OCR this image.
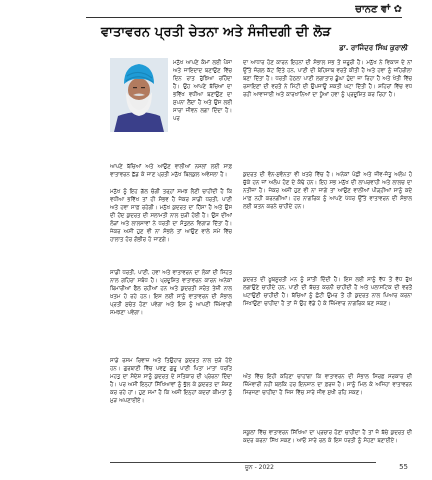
ਚਾਨਣ ਵਾਂ ✿
ਵਾਤਾਵਰਨ ਪ੍ਰਤੀ ਚੇਤਨਾ ਅਤੇ ਸੰਜੀਦਗੀ ਦੀ ਲੋੜ
ਡਾ. ਰਾਜਿੰਦਰ ਸਿੰਘ ਕੁਰਾਲੀ
ਮਨੁੱਖ ਆਪਣੇ ਕੰਮਾਂ ਲਈ ਪੈਸਾ ਅਤੇ ਜਾਇਦਾਦ ਬਣਾਉਣ ਵਿੱਚ ਦਿਨ ਰਾਤ ਰੁੱਝਿਆ ਰਹਿੰਦਾ ਹੈ। ਉਹ ਆਪਣੇ ਬੱਚਿਆਂ ਦਾ ਭਵਿੱਖ ਵਧੀਆ ਬਣਾਉਣ ਦਾ ਸੁਪਨਾ ਲੈਂਦਾ ਹੈ ਅਤੇ ਉਸ ਲਈ ਸਾਰਾ ਜੀਵਨ ਲਗਾ ਦਿੰਦਾ ਹੈ। ਪਰ
ਆਪਣੇ ਬੱਚਿਆਂ ਅਤੇ ਆਉਣ ਵਾਲੀਆਂ ਨਸਲਾਂ ਲਈ ਸਾਫ਼ ਵਾਤਾਵਰਨ ਛੱਡ ਕੇ ਜਾਣ ਪ੍ਰਤੀ ਮਨੁੱਖ ਬਿਲਕੁਲ ਅਵੇਸਲਾ ਹੈ।
ਮਨੁੱਖ ਨੂੰ ਇਹ ਗੱਲ ਚੰਗੀ ਤਰ੍ਹਾਂ ਸਮਝ ਲੈਣੀ ਚਾਹੀਦੀ ਹੈ ਕਿ ਵਧੀਆ ਭਵਿੱਖ ਤਾਂ ਹੀ ਸੰਭਵ ਹੈ ਜੇਕਰ ਸਾਡੀ ਧਰਤੀ, ਪਾਣੀ ਅਤੇ ਹਵਾ ਸਾਫ਼ ਰਹੇਗੀ। ਮਨੁੱਖ ਕੁਦਰਤ ਦਾ ਹਿੱਸਾ ਹੈ ਅਤੇ ਉਸ ਦੀ ਹੋਂਦ ਕੁਦਰਤ ਦੀ ਸਲਾਮਤੀ ਨਾਲ ਜੁੜੀ ਹੋਈ ਹੈ। ਉਸ ਦੀਆਂ ਲੋੜਾਂ ਅਤੇ ਲਾਲਸਾਵਾਂ ਨੇ ਧਰਤੀ ਦਾ ਸੰਤੁਲਨ ਵਿਗਾੜ ਦਿੱਤਾ ਹੈ। ਜੇਕਰ ਅਸੀਂ ਹੁਣ ਵੀ ਨਾ ਸੰਭਲੇ ਤਾਂ ਆਉਣ ਵਾਲੇ ਸਮੇਂ ਵਿੱਚ ਹਾਲਾਤ ਹੋਰ ਗੰਭੀਰ ਹੋ ਜਾਣਗੇ।
ਸਾਡੀ ਧਰਤੀ, ਪਾਣੀ, ਹਵਾ ਅਤੇ ਵਾਤਾਵਰਨ ਦਾ ਲੋਕਾਂ ਦੀ ਸਿਹਤ ਨਾਲ ਗਹਿਰਾ ਸਬੰਧ ਹੈ। ਪ੍ਰਦੂਸ਼ਿਤ ਵਾਤਾਵਰਨ ਕਾਰਨ ਅਨੇਕਾਂ ਬਿਮਾਰੀਆਂ ਫੈਲ ਰਹੀਆਂ ਹਨ ਅਤੇ ਕੁਦਰਤੀ ਸਰੋਤ ਤੇਜ਼ੀ ਨਾਲ ਖ਼ਤਮ ਹੋ ਰਹੇ ਹਨ। ਇਸ ਲਈ ਸਾਨੂੰ ਵਾਤਾਵਰਨ ਦੀ ਸੰਭਾਲ ਪ੍ਰਤੀ ਸੁਚੇਤ ਹੋਣਾ ਪਵੇਗਾ ਅਤੇ ਇਸ ਨੂੰ ਆਪਣੀ ਜ਼ਿੰਮੇਵਾਰੀ ਸਮਝਣਾ ਪਵੇਗਾ।
ਸਾਡੇ ਰਸਮ ਰਿਵਾਜ਼ ਅਤੇ ਤਿਉਹਾਰ ਕੁਦਰਤ ਨਾਲ ਜੁੜੇ ਹੋਏ ਹਨ। ਗੁਰਬਾਣੀ ਵਿੱਚ ਪਵਣੁ ਗੁਰੂ ਪਾਣੀ ਪਿਤਾ ਮਾਤਾ ਧਰਤਿ ਮਹਤੁ ਦਾ ਸੰਦੇਸ਼ ਸਾਨੂੰ ਕੁਦਰਤ ਦੇ ਸਤਿਕਾਰ ਦੀ ਪ੍ਰੇਰਨਾ ਦਿੰਦਾ ਹੈ। ਪਰ ਅਸੀਂ ਇਨ੍ਹਾਂ ਸਿੱਖਿਆਵਾਂ ਨੂੰ ਭੁੱਲ ਕੇ ਕੁਦਰਤ ਦਾ ਸ਼ੋਸ਼ਣ ਕਰ ਰਹੇ ਹਾਂ। ਹੁਣ ਸਮਾਂ ਹੈ ਕਿ ਅਸੀਂ ਇਨ੍ਹਾਂ ਕਦਰਾਂ ਕੀਮਤਾਂ ਨੂੰ ਮੁੜ ਅਪਣਾਈਏ।
ਦਾ ਆਧਾਰ ਹੋਣ ਕਾਰਨ ਇਹਨਾਂ ਦੀ ਸੰਭਾਲ ਸਭ ਤੋਂ ਜ਼ਰੂਰੀ ਹੈ। ਮਨੁੱਖ ਨੇ ਵਿਕਾਸ ਦੇ ਨਾਂ ਉੱਤੇ ਜੰਗਲ ਕੱਟ ਦਿੱਤੇ ਹਨ, ਪਾਣੀ ਦੀ ਬੇਹਿਸਾਬ ਵਰਤੋਂ ਕੀਤੀ ਹੈ ਅਤੇ ਹਵਾ ਨੂੰ ਜ਼ਹਿਰੀਲਾ ਬਣਾ ਦਿੱਤਾ ਹੈ। ਧਰਤੀ ਹੇਠਲਾ ਪਾਣੀ ਲਗਾਤਾਰ ਡੂੰਘਾ ਹੁੰਦਾ ਜਾ ਰਿਹਾ ਹੈ ਅਤੇ ਖੇਤੀ ਵਿੱਚ ਰਸਾਇਣਾਂ ਦੀ ਵਰਤੋਂ ਨੇ ਮਿੱਟੀ ਦੀ ਉਪਜਾਊ ਸ਼ਕਤੀ ਘਟਾ ਦਿੱਤੀ ਹੈ। ਸ਼ਹਿਰਾਂ ਵਿੱਚ ਵਧ ਰਹੀ ਆਵਾਜਾਈ ਅਤੇ ਕਾਰਖਾਨਿਆਂ ਦਾ ਧੂੰਆਂ ਹਵਾ ਨੂੰ ਪ੍ਰਦੂਸ਼ਿਤ ਕਰ ਰਿਹਾ ਹੈ।
ਕੁਦਰਤ ਦੀ ਵੰਨ-ਸੁਵੰਨਤਾ ਵੀ ਖ਼ਤਰੇ ਵਿੱਚ ਹੈ। ਅਨੇਕਾਂ ਪੰਛੀ ਅਤੇ ਜੀਵ-ਜੰਤੂ ਅਲੋਪ ਹੋ ਚੁੱਕੇ ਹਨ ਜਾਂ ਅਲੋਪ ਹੋਣ ਦੇ ਕੰਢੇ ਹਨ। ਇਹ ਸਭ ਮਨੁੱਖ ਦੀ ਲਾਪਰਵਾਹੀ ਅਤੇ ਲਾਲਚ ਦਾ ਨਤੀਜਾ ਹੈ। ਜੇਕਰ ਅਸੀਂ ਹੁਣ ਵੀ ਨਾ ਜਾਗੇ ਤਾਂ ਆਉਣ ਵਾਲੀਆਂ ਪੀੜ੍ਹੀਆਂ ਸਾਨੂੰ ਕਦੇ ਮਾਫ਼ ਨਹੀਂ ਕਰਨਗੀਆਂ। ਹਰ ਨਾਗਰਿਕ ਨੂੰ ਆਪਣੇ ਪੱਧਰ ਉੱਤੇ ਵਾਤਾਵਰਨ ਦੀ ਸੰਭਾਲ ਲਈ ਯਤਨ ਕਰਨੇ ਚਾਹੀਦੇ ਹਨ।
ਕੁਦਰਤ ਦੀ ਖ਼ੂਬਸੂਰਤੀ ਮਨ ਨੂੰ ਸ਼ਾਂਤੀ ਦਿੰਦੀ ਹੈ। ਇਸ ਲਈ ਸਾਨੂੰ ਵੱਧ ਤੋਂ ਵੱਧ ਰੁੱਖ ਲਗਾਉਣੇ ਚਾਹੀਦੇ ਹਨ, ਪਾਣੀ ਦੀ ਬੱਚਤ ਕਰਨੀ ਚਾਹੀਦੀ ਹੈ ਅਤੇ ਪਲਾਸਟਿਕ ਦੀ ਵਰਤੋਂ ਘਟਾਉਣੀ ਚਾਹੀਦੀ ਹੈ। ਬੱਚਿਆਂ ਨੂੰ ਛੋਟੀ ਉਮਰ ਤੋਂ ਹੀ ਕੁਦਰਤ ਨਾਲ ਪਿਆਰ ਕਰਨਾ ਸਿਖਾਉਣਾ ਚਾਹੀਦਾ ਹੈ ਤਾਂ ਜੋ ਉਹ ਵੱਡੇ ਹੋ ਕੇ ਜ਼ਿੰਮੇਵਾਰ ਨਾਗਰਿਕ ਬਣ ਸਕਣ।
ਅੰਤ ਵਿੱਚ ਇਹੀ ਕਹਿਣਾ ਚਾਹਾਂਗਾ ਕਿ ਵਾਤਾਵਰਨ ਦੀ ਸੰਭਾਲ ਸਿਰਫ਼ ਸਰਕਾਰ ਦੀ ਜ਼ਿੰਮੇਵਾਰੀ ਨਹੀਂ ਬਲਕਿ ਹਰ ਇਨਸਾਨ ਦਾ ਫ਼ਰਜ਼ ਹੈ। ਸਾਨੂੰ ਮਿਲ ਕੇ ਅਜਿਹਾ ਵਾਤਾਵਰਨ ਸਿਰਜਣਾ ਚਾਹੀਦਾ ਹੈ ਜਿਸ ਵਿੱਚ ਸਾਰੇ ਜੀਵ ਸੁਖੀ ਰਹਿ ਸਕਣ।
ਸਕੂਲਾਂ ਵਿੱਚ ਵਾਤਾਵਰਨ ਸਿੱਖਿਆ ਦਾ ਪ੍ਰਚਾਰ ਹੋਣਾ ਚਾਹੀਦਾ ਹੈ ਤਾਂ ਜੋ ਬੱਚੇ ਕੁਦਰਤ ਦੀ ਕਦਰ ਕਰਨਾ ਸਿੱਖ ਸਕਣ। ਆਓ ਸਾਰੇ ਰਲ ਕੇ ਇਸ ਧਰਤੀ ਨੂੰ ਸੋਹਣਾ ਬਣਾਈਏ।
ਜੂਨ - 2022	55
